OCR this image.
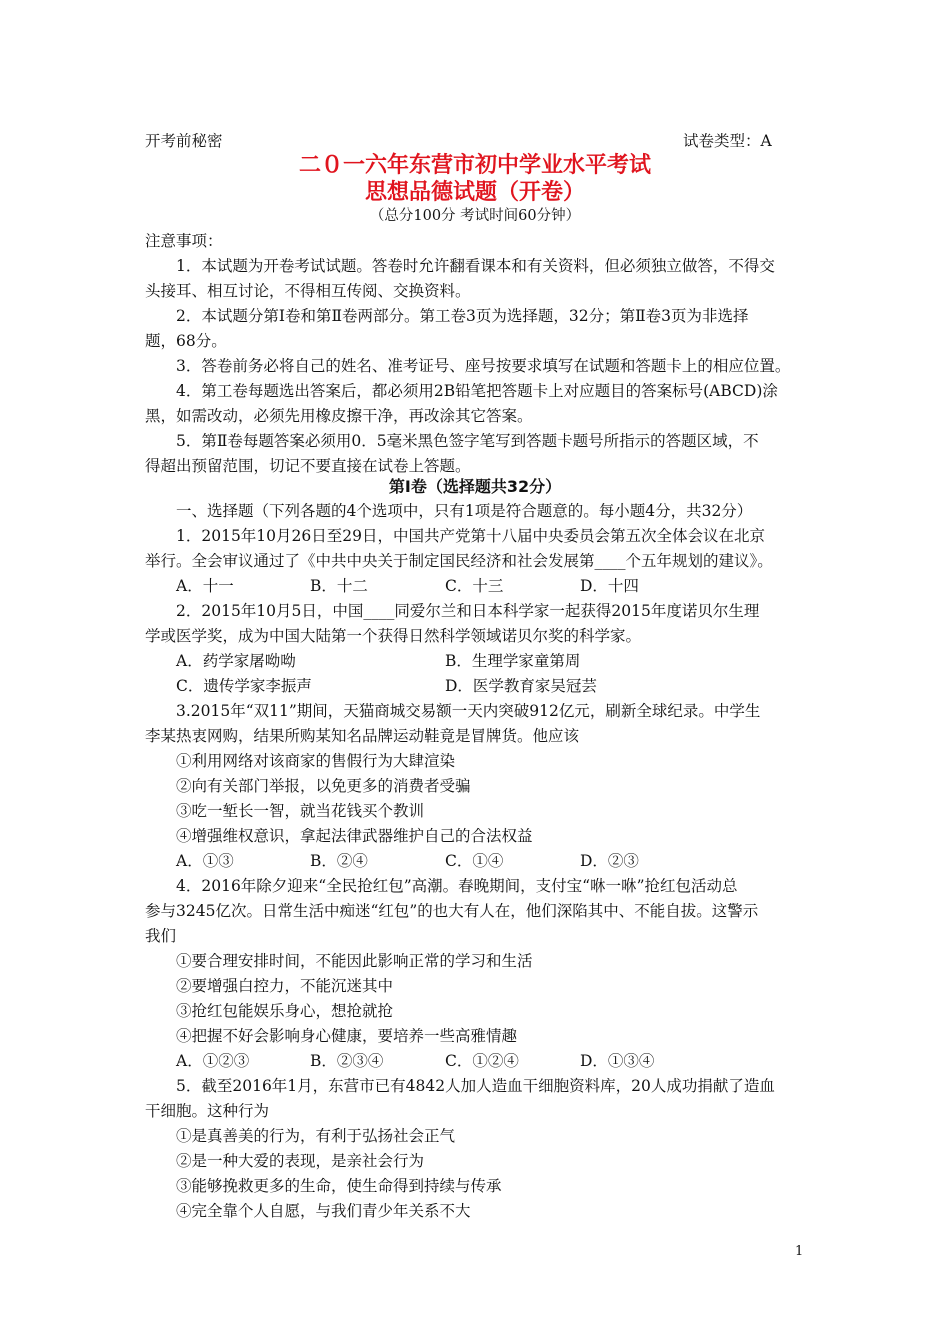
开考前秘密	试卷类型：A
二０一六年东营市初中学业水平考试
思想品德试题（开卷）
（总分100分 考试时间60分钟）
注意事项：
1．本试题为开卷考试试题。答卷时允许翻看课本和有关资料，但必须独立做答，不得交
头接耳、相互讨论，不得相互传阅、交换资料。
2．本试题分第Ⅰ卷和第Ⅱ卷两部分。第工卷3页为选择题，32分；第Ⅱ卷3页为非选择
题，68分。
3．答卷前务必将自己的姓名、准考证号、座号按要求填写在试题和答题卡上的相应位置。
4．第工卷每题选出答案后，都必须用2B铅笔把答题卡上对应题目的答案标号(ABCD)涂
黑，如需改动，必须先用橡皮擦干净，再改涂其它答案。
5．第Ⅱ卷每题答案必须用0．5毫米黑色签字笔写到答题卡题号所指示的答题区域，不
得超出预留范围，切记不要直接在试卷上答题。
第Ⅰ卷（选择题共32分）
一、选择题（下列各题的4个选项中，只有1项是符合题意的。每小题4分，共32分）
1．2015年10月26日至29日，中国共产党第十八届中央委员会第五次全体会议在北京
举行。全会审议通过了《中共中央关于制定国民经济和社会发展第____个五年规划的建议》。
A．十一	B．十二	C．十三	D．十四
2．2015年10月5日，中国____同爱尔兰和日本科学家一起获得2015年度诺贝尔生理
学或医学奖，成为中国大陆第一个获得日然科学领域诺贝尔奖的科学家。
A．药学家屠呦呦	B．生理学家童第周
C．遗传学家李振声	D．医学教育家吴冠芸
3.2015年“双11”期间，天猫商城交易额一天内突破912亿元，刷新全球纪录。中学生
李某热衷网购，结果所购某知名品牌运动鞋竟是冒牌货。他应该
①利用网络对该商家的售假行为大肆渲染
②向有关部门举报，以免更多的消费者受骗
③吃一堑长一智，就当花钱买个教训
④增强维权意识，拿起法律武器维护自己的合法权益
A．①③	B．②④	C．①④	D．②③
4．2016年除夕迎来“全民抢红包”高潮。春晚期间，支付宝“咻一咻”抢红包活动总
参与3245亿次。日常生活中痴迷“红包”的也大有人在，他们深陷其中、不能自拔。这警示
我们
①要合理安排时间，不能因此影响正常的学习和生活
②要增强白控力，不能沉迷其中
③抢红包能娱乐身心，想抢就抢
④把握不好会影响身心健康，要培养一些高雅情趣
A．①②③	B．②③④	C．①②④	D．①③④
5．截至2016年1月，东营市已有4842人加人造血干细胞资料库，20人成功捐献了造血
干细胞。这种行为
①是真善美的行为，有利于弘扬社会正气
②是一种大爱的表现，是亲社会行为
③能够挽救更多的生命，使生命得到持续与传承
④完全靠个人自愿，与我们青少年关系不大
1
